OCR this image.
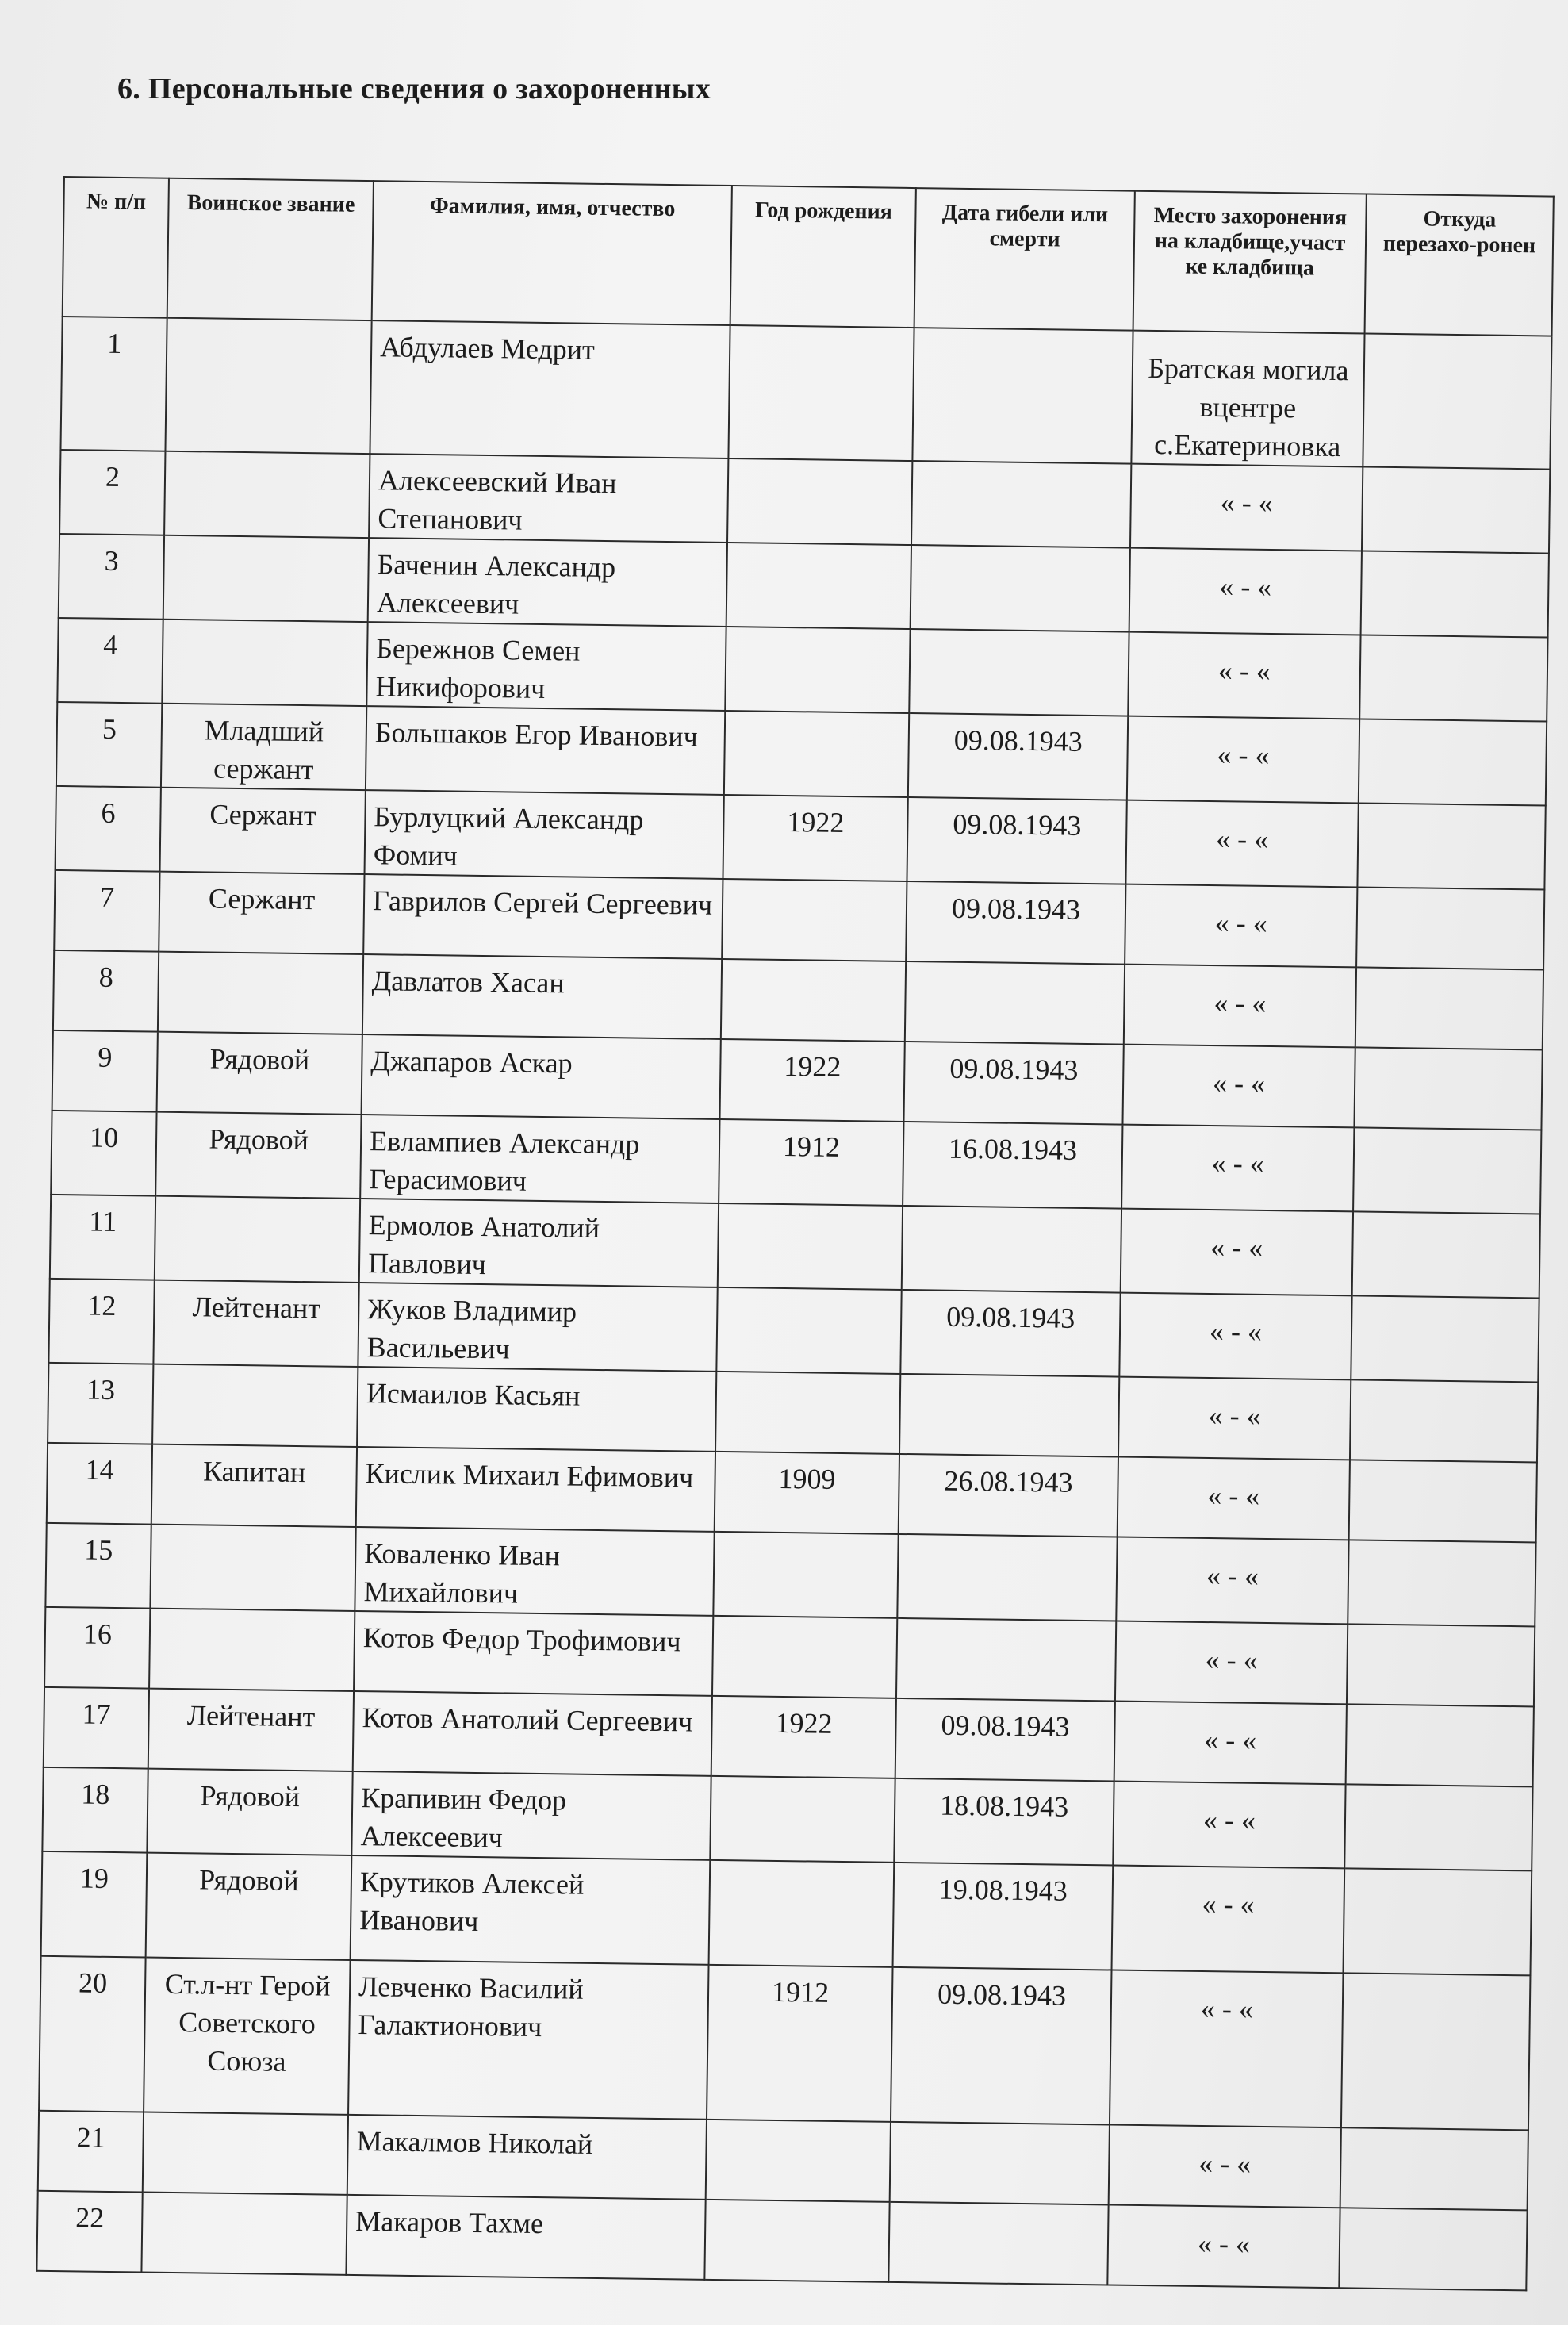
6. Персональные сведения о захороненных
№ п/п	Воинское звание	Фамилия, имя, отчество	Год рождения	Дата гибели или смерти	Место захоронения на кладбище,участ ке кладбища	Откуда перезахо-ронен
1		Абдулаев Медрит			Братская могила вцентре с.Екатериновка	
2		Алексеевский Иван Степанович			« - «	
3		Баченин Александр Алексеевич			« - «	
4		Бережнов Семен Никифорович			« - «	
5	Младший сержант	Большаков Егор Иванович		09.08.1943	« - «	
6	Сержант	Бурлуцкий Александр Фомич	1922	09.08.1943	« - «	
7	Сержант	Гаврилов Сергей Сергеевич		09.08.1943	« - «	
8		Давлатов Хасан			« - «	
9	Рядовой	Джапаров Аскар	1922	09.08.1943	« - «	
10	Рядовой	Евлампиев Александр Герасимович	1912	16.08.1943	« - «	
11		Ермолов Анатолий Павлович			« - «	
12	Лейтенант	Жуков Владимир Васильевич		09.08.1943	« - «	
13		Исмаилов Касьян			« - «	
14	Капитан	Кислик Михаил Ефимович	1909	26.08.1943	« - «	
15		Коваленко Иван Михайлович			« - «	
16		Котов Федор Трофимович			« - «	
17	Лейтенант	Котов Анатолий Сергеевич	1922	09.08.1943	« - «	
18	Рядовой	Крапивин Федор Алексеевич		18.08.1943	« - «	
19	Рядовой	Крутиков Алексей Иванович		19.08.1943	« - «	
20	Ст.л-нт Герой Советского Союза	Левченко Василий Галактионович	1912	09.08.1943	« - «	
21		Макалмов Николай			« - «	
22		Макаров Тахме			« - «	
